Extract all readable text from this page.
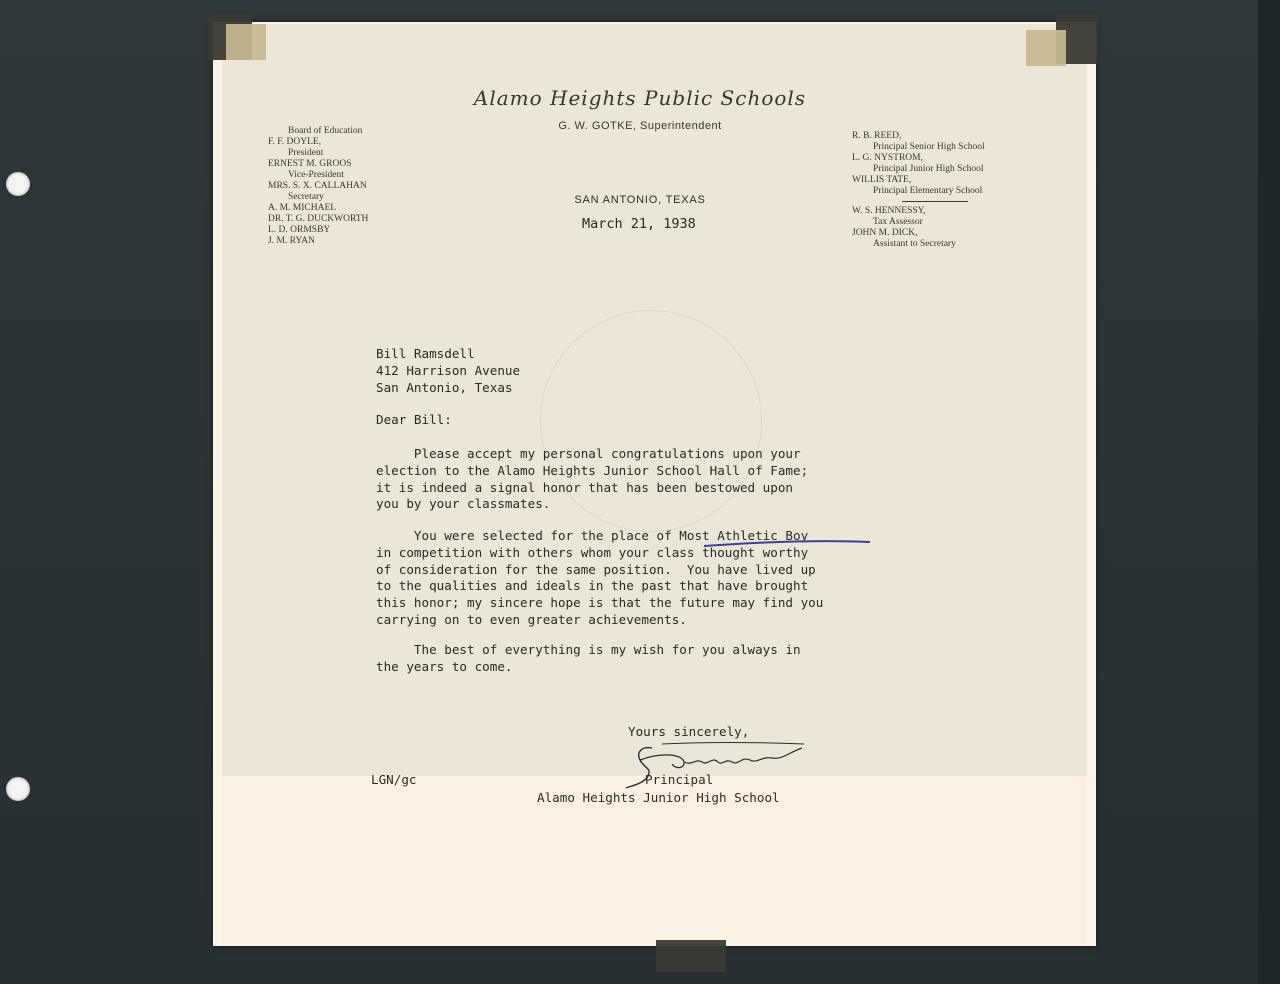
Alamo Heights Public Schools
G. W. GOTKE, Superintendent
Board of Education
F. F. DOYLE,
President
ERNEST M. GROOS
Vice-President
MRS. S. X. CALLAHAN
Secretary
A. M. MICHAEL
DR. T. G. DUCKWORTH
L. D. ORMSBY
J. M. RYAN
R. B. REED,
Principal Senior High School
L. G. NYSTROM,
Principal Junior High School
WILLIS TATE,
Principal Elementary School
W. S. HENNESSY,
Tax Assessor
JOHN M. DICK,
Assistant to Secretary
SAN ANTONIO, TEXAS
March 21, 1938
Bill Ramsdell
412 Harrison Avenue
San Antonio, Texas
Dear Bill:
Please accept my personal congratulations upon your
election to the Alamo Heights Junior School Hall of Fame;
it is indeed a signal honor that has been bestowed upon
you by your classmates.
You were selected for the place of Most Athletic Boy
in competition with others whom your class thought worthy
of consideration for the same position.  You have lived up
to the qualities and ideals in the past that have brought
this honor; my sincere hope is that the future may find you
carrying on to even greater achievements.
The best of everything is my wish for you always in
the years to come.
Yours sincerely,
Principal
Alamo Heights Junior High School
LGN/gc
